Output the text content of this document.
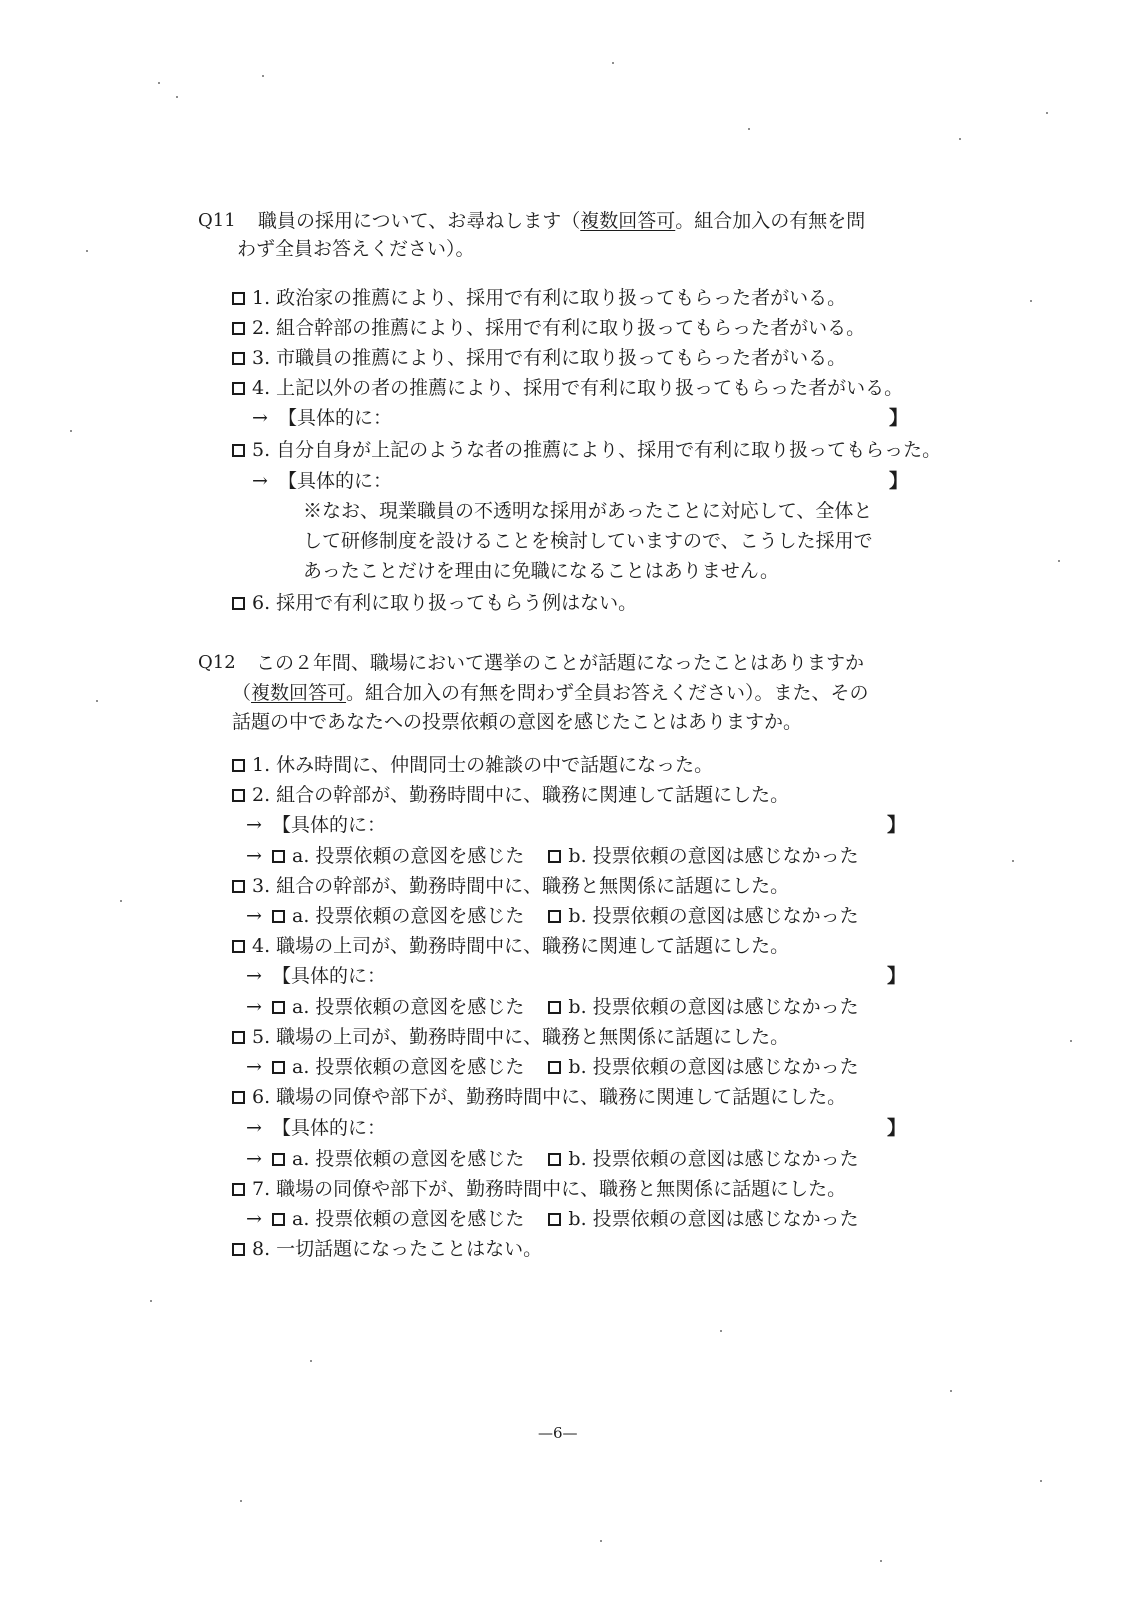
Q11 職員の採用について、お尋ねします（複数回答可。組合加入の有無を問
わず全員お答えください）。
1. 政治家の推薦により、採用で有利に取り扱ってもらった者がいる。
2. 組合幹部の推薦により、採用で有利に取り扱ってもらった者がいる。
3. 市職員の推薦により、採用で有利に取り扱ってもらった者がいる。
4. 上記以外の者の推薦により、採用で有利に取り扱ってもらった者がいる。
→ 【具体的に：	】
5. 自分自身が上記のような者の推薦により、採用で有利に取り扱ってもらった。
→ 【具体的に：	】
※なお、現業職員の不透明な採用があったことに対応して、全体と
して研修制度を設けることを検討していますので、こうした採用で
あったことだけを理由に免職になることはありません。
6. 採用で有利に取り扱ってもらう例はない。
Q12 この２年間、職場において選挙のことが話題になったことはありますか
（複数回答可。組合加入の有無を問わず全員お答えください）。また、その
話題の中であなたへの投票依頼の意図を感じたことはありますか。
1. 休み時間に、仲間同士の雑談の中で話題になった。
2. 組合の幹部が、勤務時間中に、職務に関連して話題にした。
→ 【具体的に：	】
→ a. 投票依頼の意図を感じた b. 投票依頼の意図は感じなかった
3. 組合の幹部が、勤務時間中に、職務と無関係に話題にした。
→ a. 投票依頼の意図を感じた b. 投票依頼の意図は感じなかった
4. 職場の上司が、勤務時間中に、職務に関連して話題にした。
→ 【具体的に：	】
→ a. 投票依頼の意図を感じた b. 投票依頼の意図は感じなかった
5. 職場の上司が、勤務時間中に、職務と無関係に話題にした。
→ a. 投票依頼の意図を感じた b. 投票依頼の意図は感じなかった
6. 職場の同僚や部下が、勤務時間中に、職務に関連して話題にした。
→ 【具体的に：	】
→ a. 投票依頼の意図を感じた b. 投票依頼の意図は感じなかった
7. 職場の同僚や部下が、勤務時間中に、職務と無関係に話題にした。
→ a. 投票依頼の意図を感じた b. 投票依頼の意図は感じなかった
8. 一切話題になったことはない。
—6—
